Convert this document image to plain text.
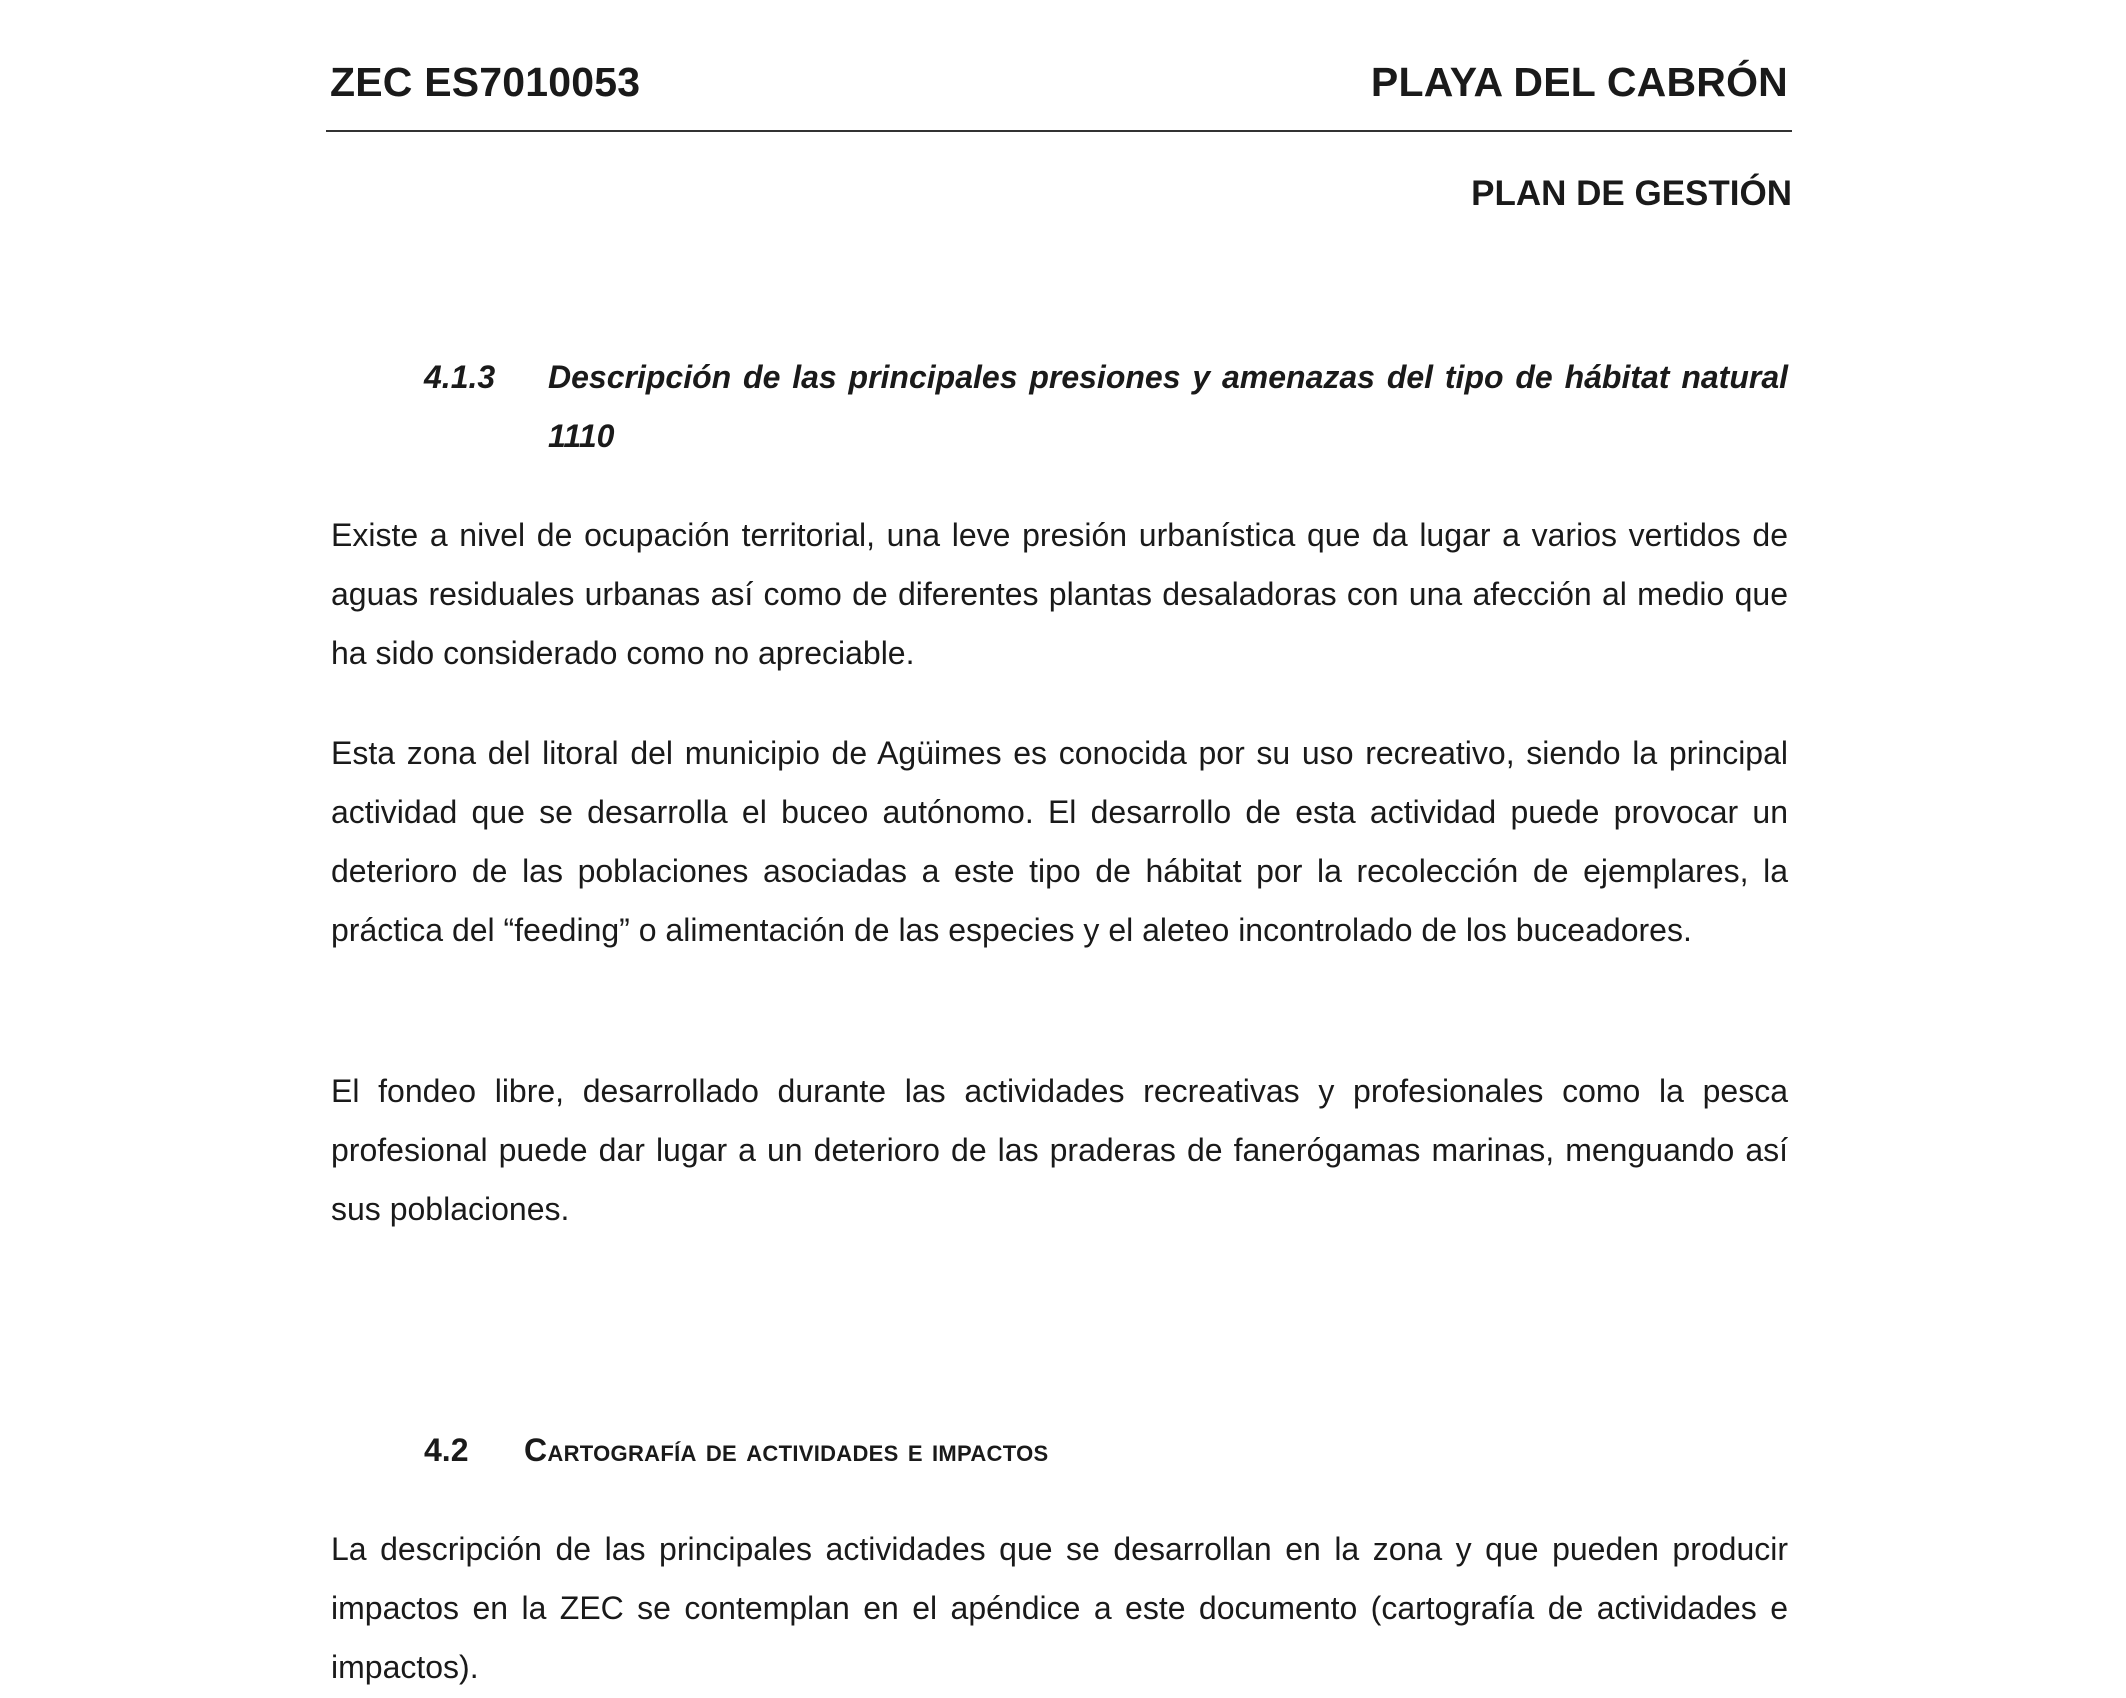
ZEC ES7010053	PLAYA DEL CABRÓN
PLAN DE GESTIÓN
4.1.3 Descripción de las principales presiones y amenazas del tipo de hábitat natural 1110
Existe a nivel de ocupación territorial, una leve presión urbanística que da lugar a varios vertidos de aguas residuales urbanas así como de diferentes plantas desaladoras con una afección al medio que ha sido considerado como no apreciable.
Esta zona del litoral del municipio de Agüimes es conocida por su uso recreativo, siendo la principal actividad que se desarrolla el buceo autónomo. El desarrollo de esta actividad puede provocar un deterioro de las poblaciones asociadas a este tipo de hábitat por la recolección de ejemplares, la práctica del “feeding” o alimentación de las especies y el aleteo incontrolado de los buceadores.
El fondeo libre, desarrollado durante las actividades recreativas y profesionales como la pesca profesional puede dar lugar a un deterioro de las praderas de fanerógamas marinas, menguando así sus poblaciones.
4.2 Cartografía de actividades e impactos
La descripción de las principales actividades que se desarrollan en la zona y que pueden producir impactos en la ZEC se contemplan en el apéndice a este documento (cartografía de actividades e impactos).
